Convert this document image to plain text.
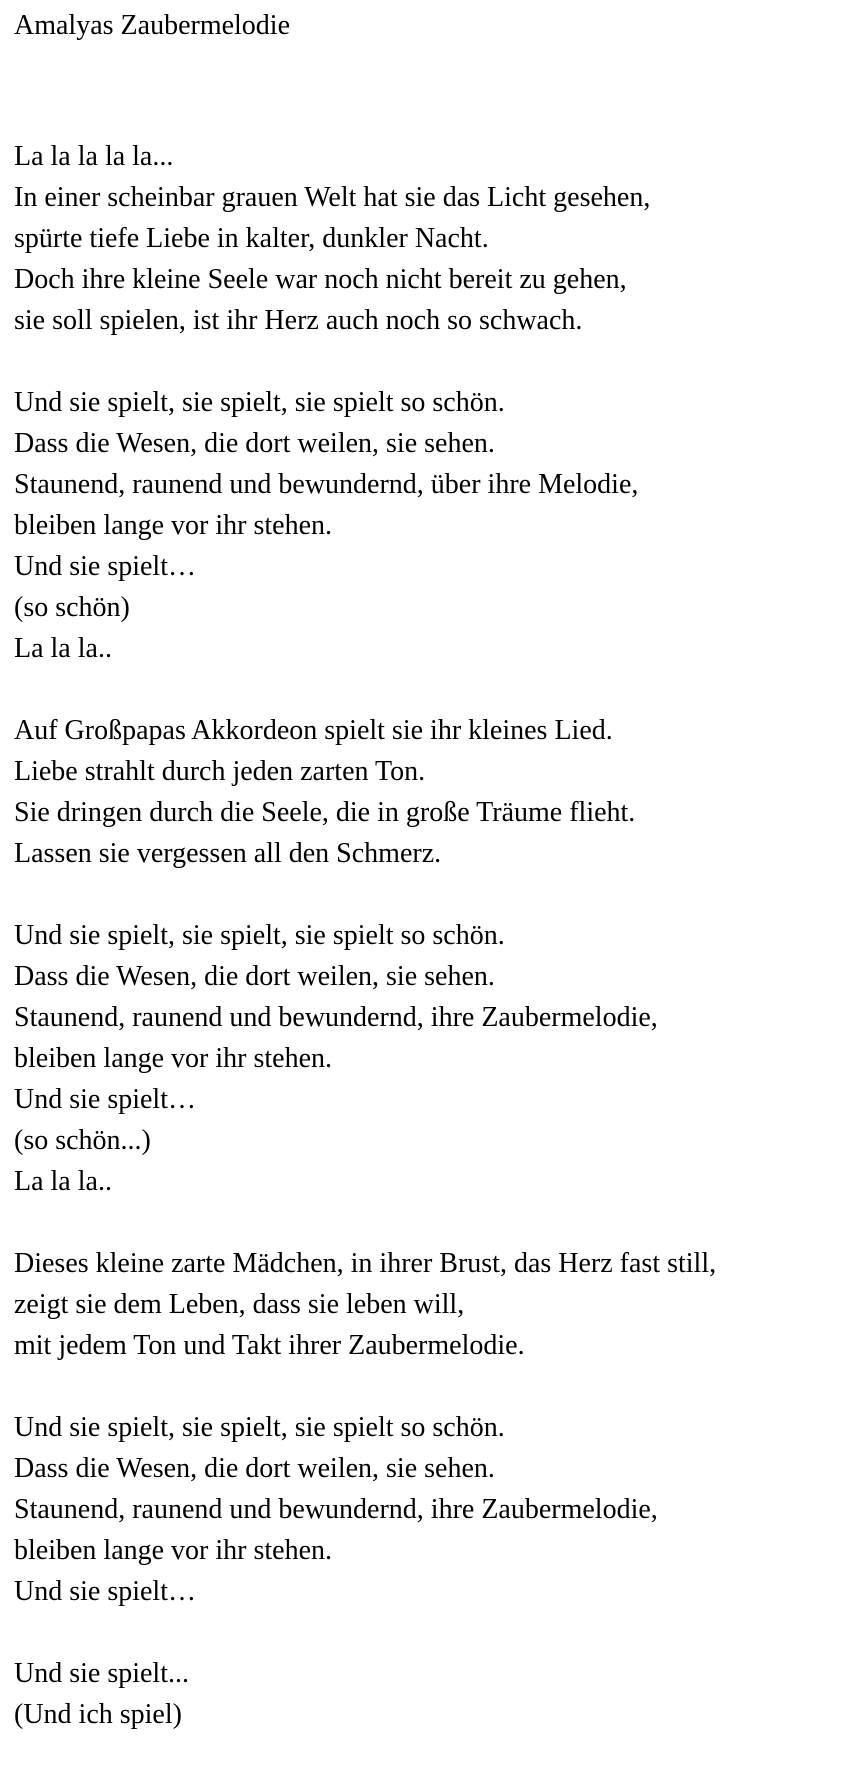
Amalyas Zaubermelodie
La la la la la...
In einer scheinbar grauen Welt hat sie das Licht gesehen,
spürte tiefe Liebe in kalter, dunkler Nacht.
Doch ihre kleine Seele war noch nicht bereit zu gehen,
sie soll spielen, ist ihr Herz auch noch so schwach.
Und sie spielt, sie spielt, sie spielt so schön.
Dass die Wesen, die dort weilen, sie sehen.
Staunend, raunend und bewundernd, über ihre Melodie,
bleiben lange vor ihr stehen.
Und sie spielt…
(so schön)
La la la..
Auf Großpapas Akkordeon spielt sie ihr kleines Lied.
Liebe strahlt durch jeden zarten Ton.
Sie dringen durch die Seele, die in große Träume flieht.
Lassen sie vergessen all den Schmerz.
Und sie spielt, sie spielt, sie spielt so schön.
Dass die Wesen, die dort weilen, sie sehen.
Staunend, raunend und bewundernd, ihre Zaubermelodie,
bleiben lange vor ihr stehen.
Und sie spielt…
(so schön...)
La la la..
Dieses kleine zarte Mädchen, in ihrer Brust, das Herz fast still,
zeigt sie dem Leben, dass sie leben will,
mit jedem Ton und Takt ihrer Zaubermelodie.
Und sie spielt, sie spielt, sie spielt so schön.
Dass die Wesen, die dort weilen, sie sehen.
Staunend, raunend und bewundernd, ihre Zaubermelodie,
bleiben lange vor ihr stehen.
Und sie spielt…
Und sie spielt...
(Und ich spiel)
